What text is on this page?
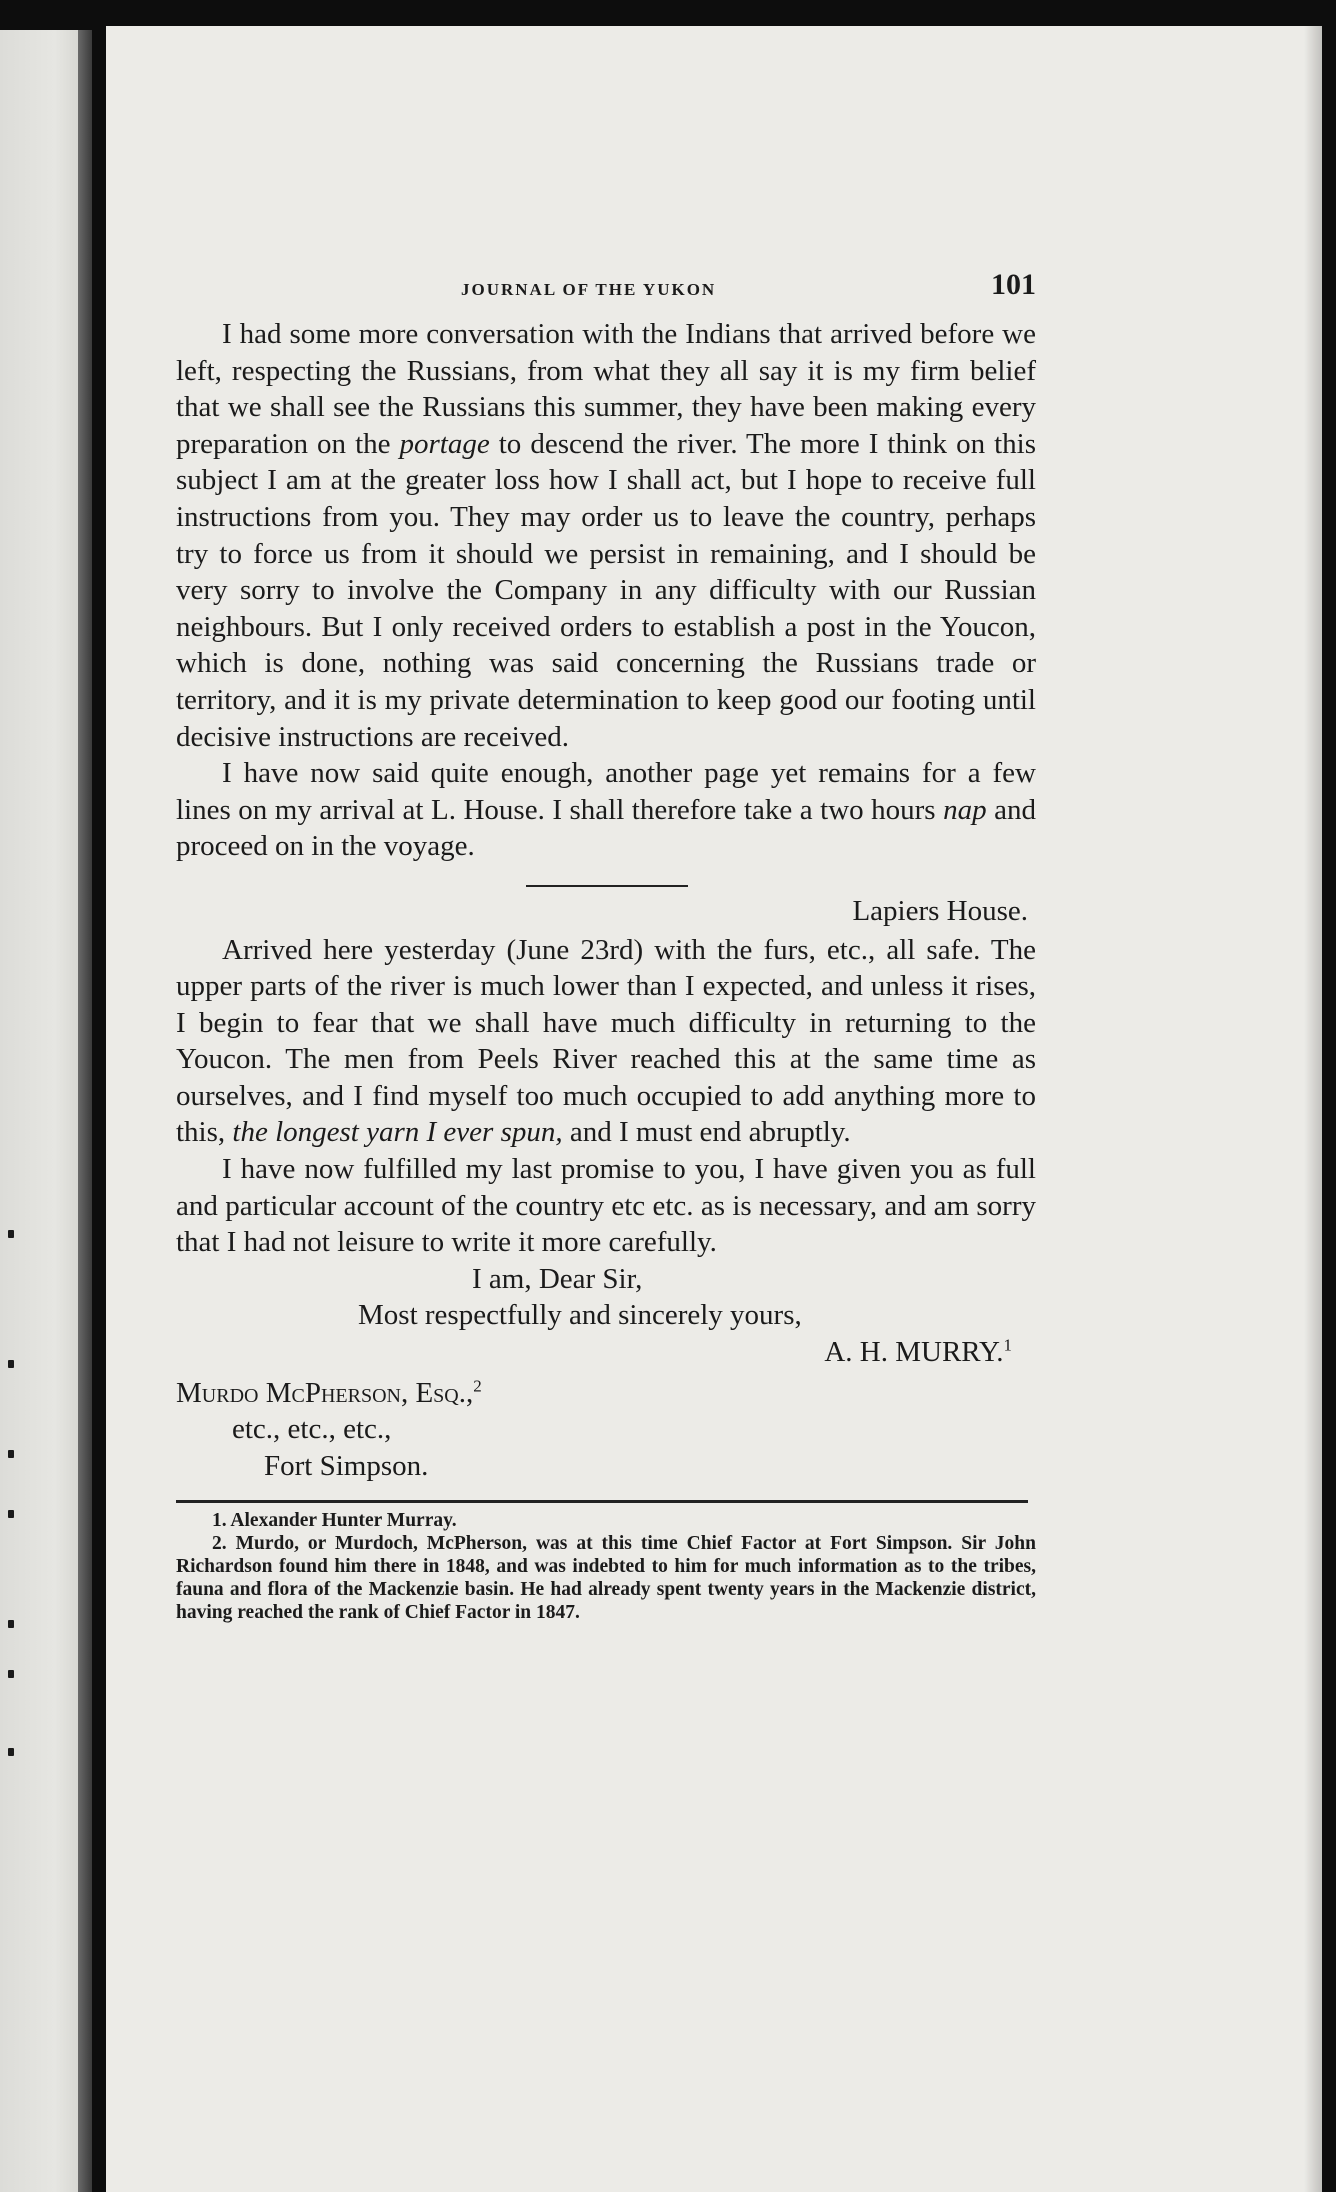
JOURNAL OF THE YUKON	101

I had some more conversation with the Indians that arrived before we left, respecting the Russians, from what they all say it is my firm belief that we shall see the Russians this summer, they have been making every preparation on the portage to descend the river. The more I think on this subject I am at the greater loss how I shall act, but I hope to receive full instructions from you. They may order us to leave the country, perhaps try to force us from it should we persist in remaining, and I should be very sorry to involve the Company in any difficulty with our Russian neighbours. But I only received orders to establish a post in the Youcon, which is done, nothing was said concerning the Russians trade or territory, and it is my private determination to keep good our footing until decisive instructions are received.

I have now said quite enough, another page yet remains for a few lines on my arrival at L. House. I shall therefore take a two hours nap and proceed on in the voyage.

Lapiers House.

Arrived here yesterday (June 23rd) with the furs, etc., all safe. The upper parts of the river is much lower than I expected, and unless it rises, I begin to fear that we shall have much difficulty in returning to the Youcon. The men from Peels River reached this at the same time as ourselves, and I find myself too much occupied to add anything more to this, the longest yarn I ever spun, and I must end abruptly.

I have now fulfilled my last promise to you, I have given you as full and particular account of the country etc etc. as is necessary, and am sorry that I had not leisure to write it more carefully.

I am, Dear Sir,
Most respectfully and sincerely yours,
A. H. MURRY.$^1$
Murdo McPherson, Esq.,$^2$
etc., etc., etc.,
Fort Simpson.

1. Alexander Hunter Murray.

2. Murdo, or Murdoch, McPherson, was at this time Chief Factor at Fort Simpson. Sir John Richardson found him there in 1848, and was indebted to him for much information as to the tribes, fauna and flora of the Mackenzie basin. He had already spent twenty years in the Mackenzie district, having reached the rank of Chief Factor in 1847.
